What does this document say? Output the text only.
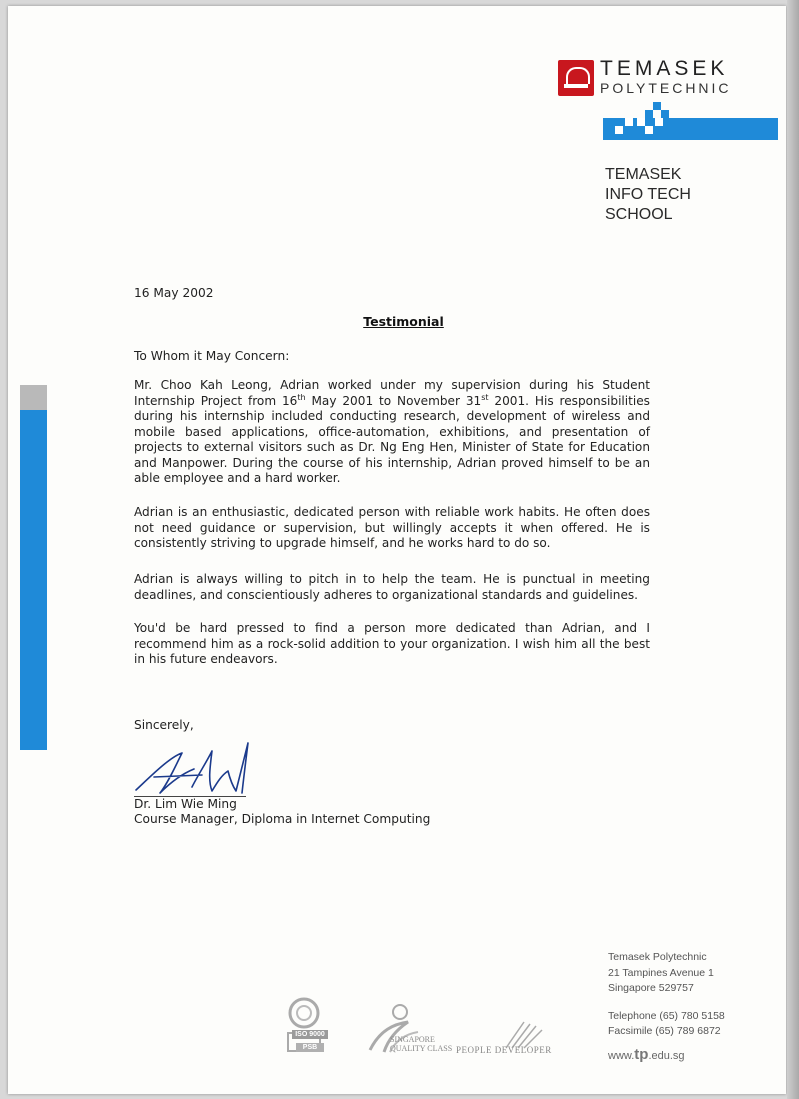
TEMASEK
POLYTECHNIC
TEMASEK
INFO TECH
SCHOOL
16 May 2002
Testimonial
To Whom it May Concern:
Mr. Choo Kah Leong, Adrian worked under my supervision during his Student Internship Project from 16th May 2001 to November 31st 2001. His responsibilities during his internship included conducting research, development of wireless and mobile based applications, office-automation, exhibitions, and presentation of projects to external visitors such as Dr. Ng Eng Hen, Minister of State for Education and Manpower. During the course of his internship, Adrian proved himself to be an able employee and a hard worker.
Adrian is an enthusiastic, dedicated person with reliable work habits. He often does not need guidance or supervision, but willingly accepts it when offered. He is consistently striving to upgrade himself, and he works hard to do so.
Adrian is always willing to pitch in to help the team. He is punctual in meeting deadlines, and conscientiously adheres to organizational standards and guidelines.
You'd be hard pressed to find a person more dedicated than Adrian, and I recommend him as a rock-solid addition to your organization. I wish him all the best in his future endeavors.
Sincerely,
Dr. Lim Wie Ming
Course Manager, Diploma in Internet Computing
Temasek Polytechnic
21 Tampines Avenue 1
Singapore 529757
Telephone (65) 780 5158
Facsimile (65) 789 6872
www.tp.edu.sg
ISO 9000
PSB
SINGAPORE
QUALITY CLASS PEOPLE DEVELOPER
